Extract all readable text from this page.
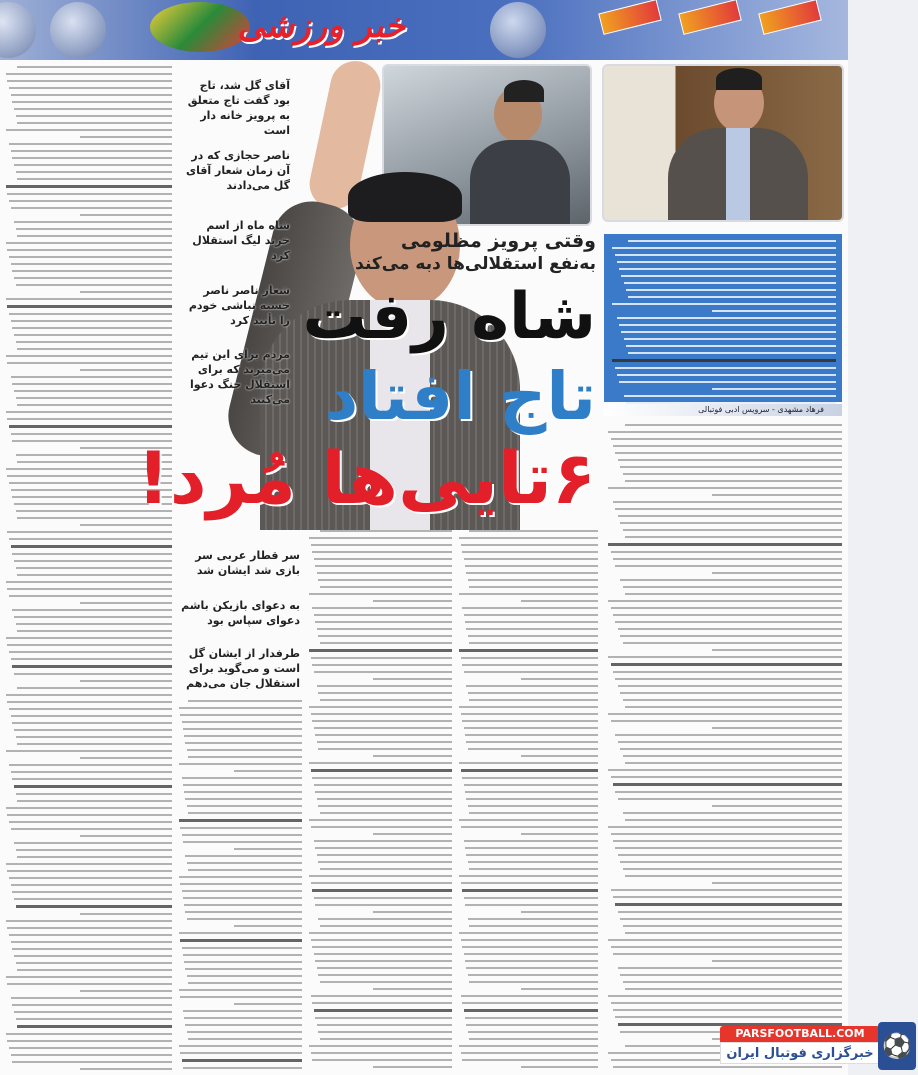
خبر ورزشی
آقای گل شد، تاج بود گفت تاج متعلق به پرویز خانه دار است
ناصر حجازی که در آن زمان شعار آقای گل می‌دادند
شاه ماه از اسم خرید لیگ استقلال کرد
شعار ناصر ناصر خسته نباشی خودم را تأیید کرد
مردم برای این تیم می‌میرند که برای استقلال جنگ دعوا می‌کنند
سر قطار عربی سر بازی شد ایشان شد
به دعوای بازیکن باشم دعوای سپاس بود
طرفدار از ایشان گل است و می‌گوید برای استقلال جان می‌دهم
وقتی پرویز مظلومی
به‌نفع استقلالی‌ها دبه می‌کند
شاه رفت
تاج افتاد
۶تایی‌ها مُرد!
فرهاد مشهدی - سرویس ادبی فوتبالی
PARSFOOTBALL.COM
خبرگزاری فوتبال ایران ⚽
